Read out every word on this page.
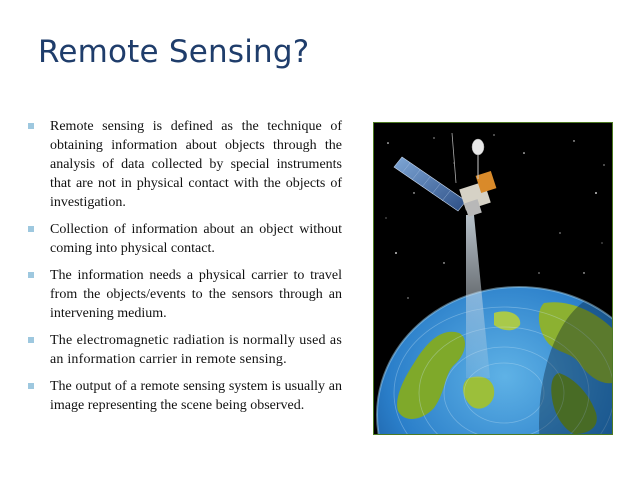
Remote Sensing?
Remote sensing is defined as the technique of obtaining information about objects through the analysis of data collected by special instruments that are not in physical contact with the objects of investigation.
Collection of information about an object without coming into physical contact.
The information needs a physical carrier to travel from the objects/events to the sensors through an intervening medium.
The electromagnetic radiation is normally used as an information carrier in remote sensing.
The output of a remote sensing system is usually an image representing the scene being observed.
